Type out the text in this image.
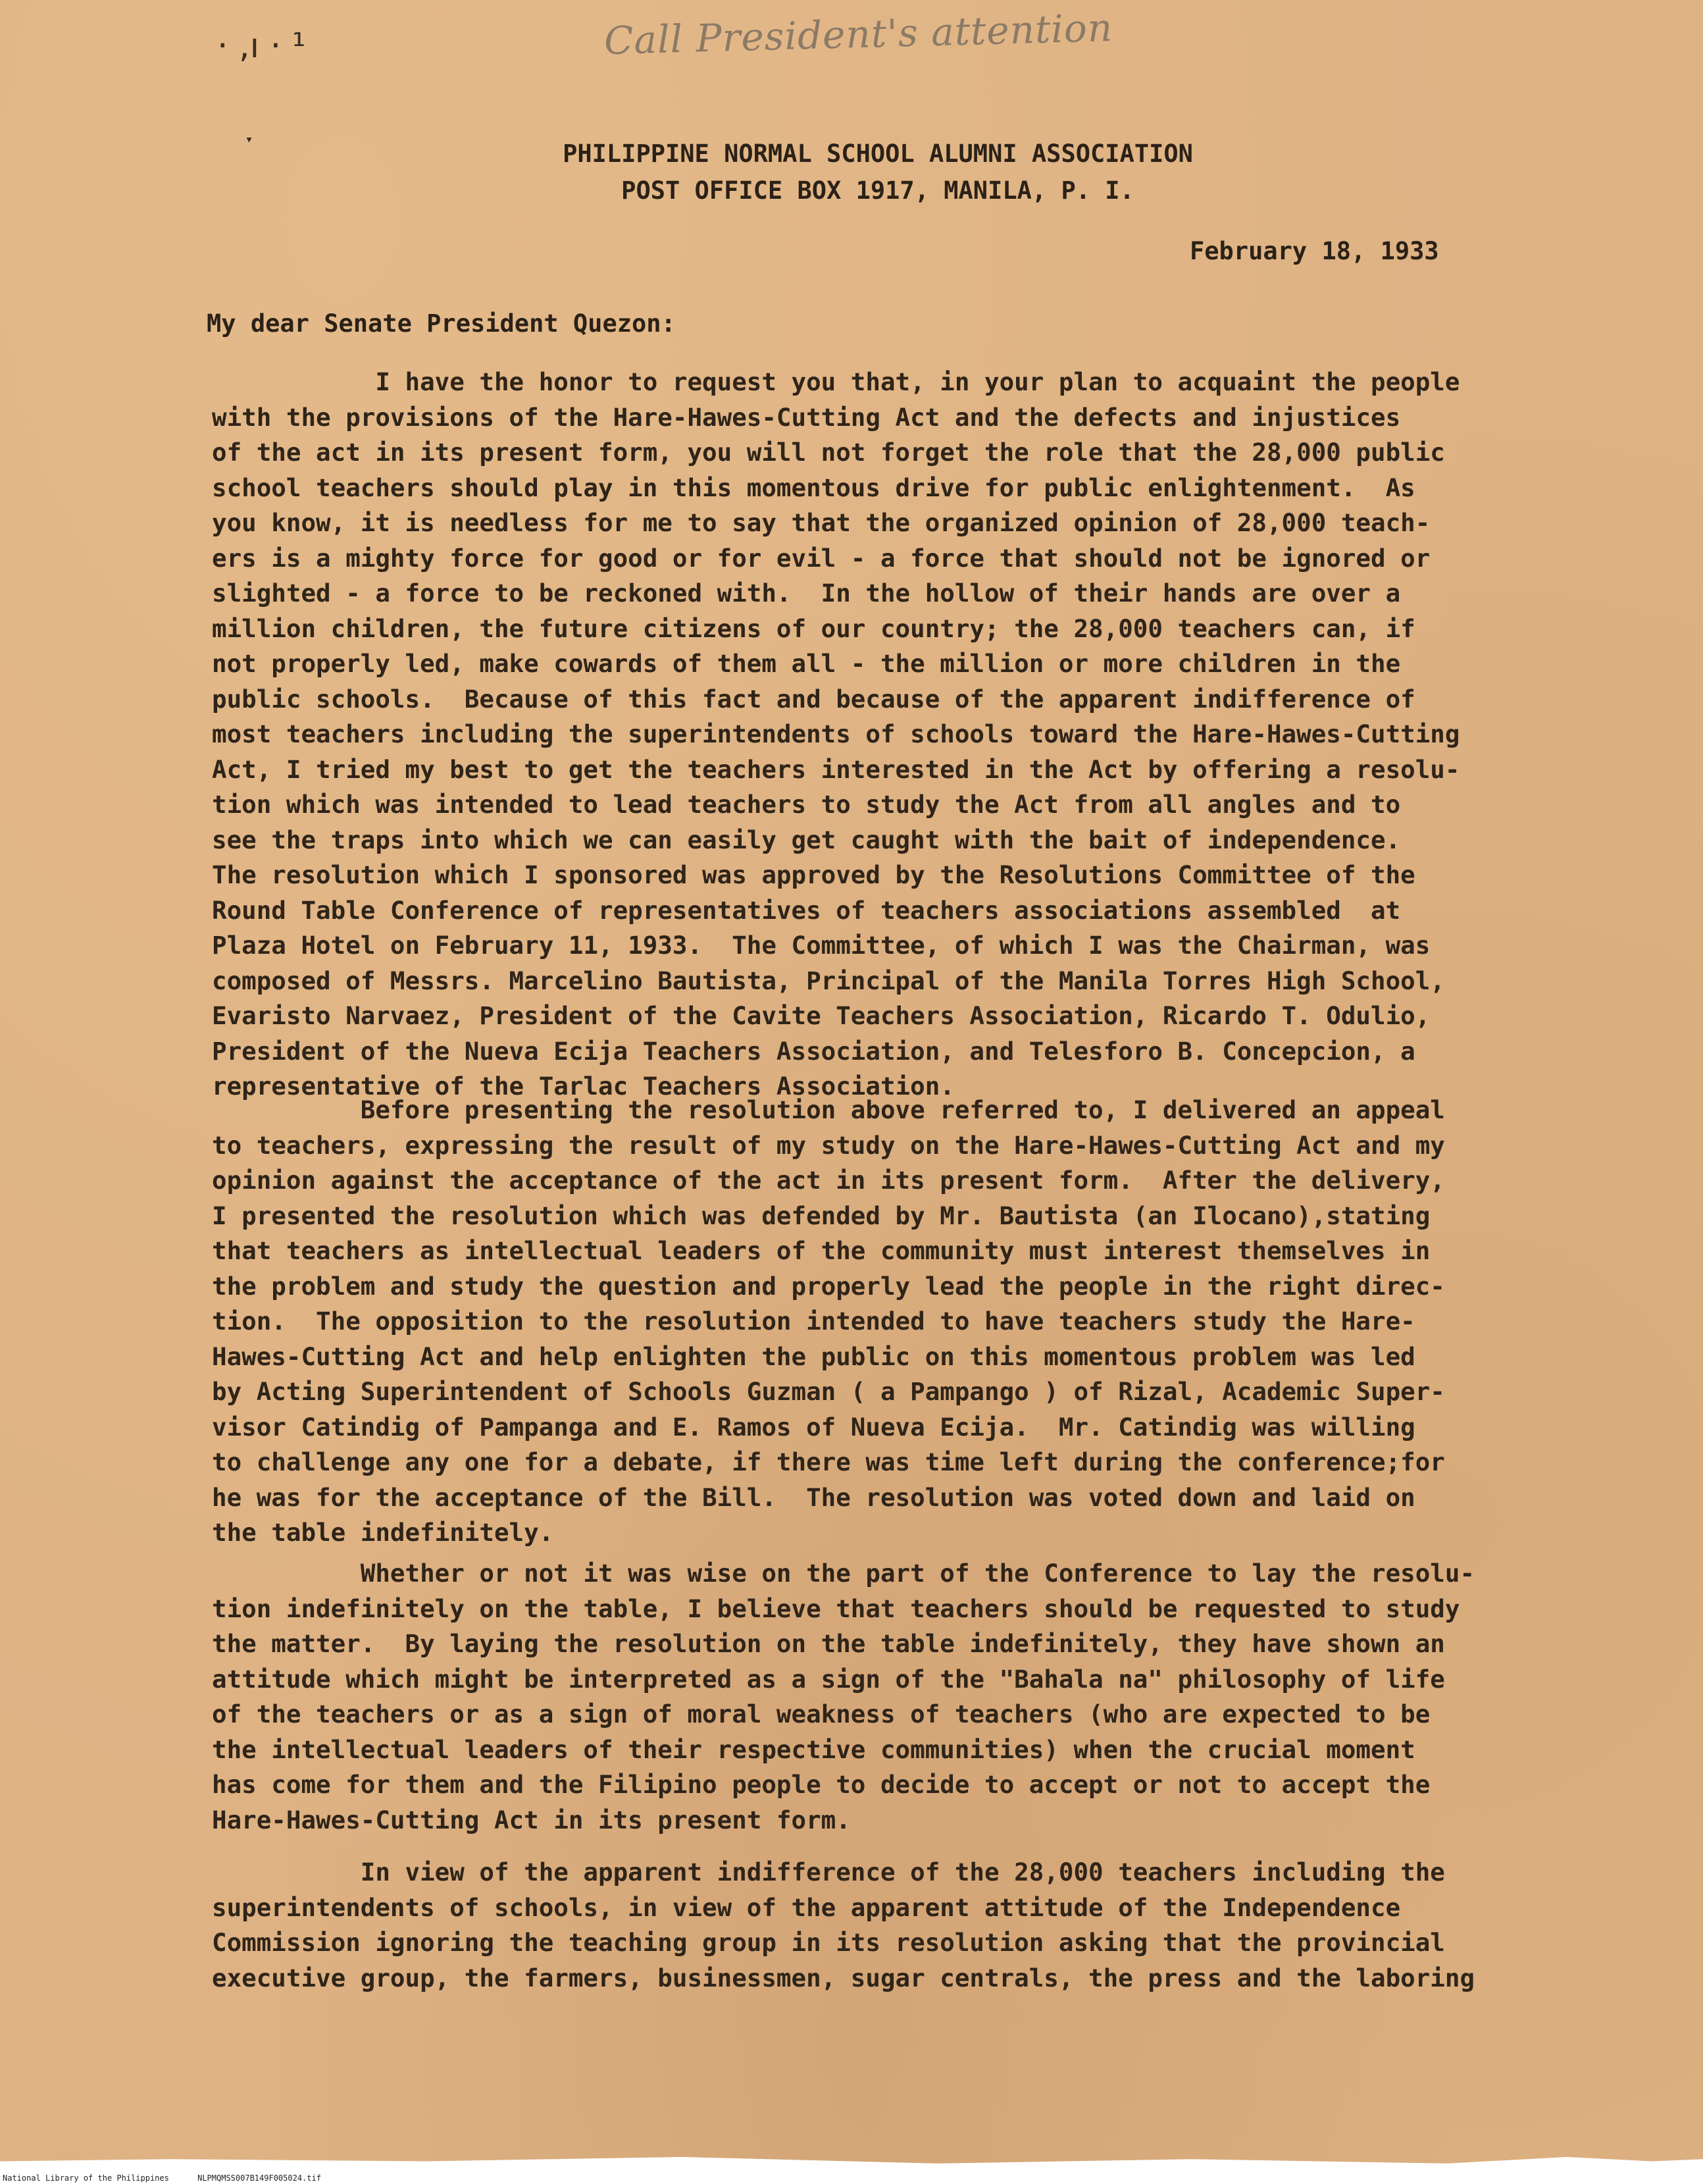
Call President's attention
· ,ı · ¹
ˑ	PHILIPPINE NORMAL SCHOOL ALUMNI ASSOCIATION
POST OFFICE BOX 1917, MANILA, P. I.
February 18, 1933
My dear Senate President Quezon:

I have the honor to request you that, in your plan to acquaint the people
with the provisions of the Hare-Hawes-Cutting Act and the defects and injustices
of the act in its present form, you will not forget the role that the 28,000 public
school teachers should play in this momentous drive for public enlightenment.  As
you know, it is needless for me to say that the organized opinion of 28,000 teach-
ers is a mighty force for good or for evil - a force that should not be ignored or
slighted - a force to be reckoned with.  In the hollow of their hands are over a
million children, the future citizens of our country; the 28,000 teachers can, if
not properly led, make cowards of them all - the million or more children in the
public schools.  Because of this fact and because of the apparent indifference of
most teachers including the superintendents of schools toward the Hare-Hawes-Cutting
Act, I tried my best to get the teachers interested in the Act by offering a resolu-
tion which was intended to lead teachers to study the Act from all angles and to
see the traps into which we can easily get caught with the bait of independence.
The resolution which I sponsored was approved by the Resolutions Committee of the
Round Table Conference of representatives of teachers associations assembled  at
Plaza Hotel on February 11, 1933.  The Committee, of which I was the Chairman, was
composed of Messrs. Marcelino Bautista, Principal of the Manila Torres High School,
Evaristo Narvaez, President of the Cavite Teachers Association, Ricardo T. Odulio,
President of the Nueva Ecija Teachers Association, and Telesforo B. Concepcion, a
representative of the Tarlac Teachers Association.

Before presenting the resolution above referred to, I delivered an appeal
to teachers, expressing the result of my study on the Hare-Hawes-Cutting Act and my
opinion against the acceptance of the act in its present form.  After the delivery,
I presented the resolution which was defended by Mr. Bautista (an Ilocano),stating
that teachers as intellectual leaders of the community must interest themselves in
the problem and study the question and properly lead the people in the right direc-
tion.  The opposition to the resolution intended to have teachers study the Hare-
Hawes-Cutting Act and help enlighten the public on this momentous problem was led
by Acting Superintendent of Schools Guzman ( a Pampango ) of Rizal, Academic Super-
visor Catindig of Pampanga and E. Ramos of Nueva Ecija.  Mr. Catindig was willing
to challenge any one for a debate, if there was time left during the conference;for
he was for the acceptance of the Bill.  The resolution was voted down and laid on
the table indefinitely.

Whether or not it was wise on the part of the Conference to lay the resolu-
tion indefinitely on the table, I believe that teachers should be requested to study
the matter.  By laying the resolution on the table indefinitely, they have shown an
attitude which might be interpreted as a sign of the "Bahala na" philosophy of life
of the teachers or as a sign of moral weakness of teachers (who are expected to be
the intellectual leaders of their respective communities) when the crucial moment
has come for them and the Filipino people to decide to accept or not to accept the
Hare-Hawes-Cutting Act in its present form.

In view of the apparent indifference of the 28,000 teachers including the
superintendents of schools, in view of the apparent attitude of the Independence
Commission ignoring the teaching group in its resolution asking that the provincial
executive group, the farmers, businessmen, sugar centrals, the press and the laboring

National Library of the Philippines	NLPMQMSS007B149F005024.tif
